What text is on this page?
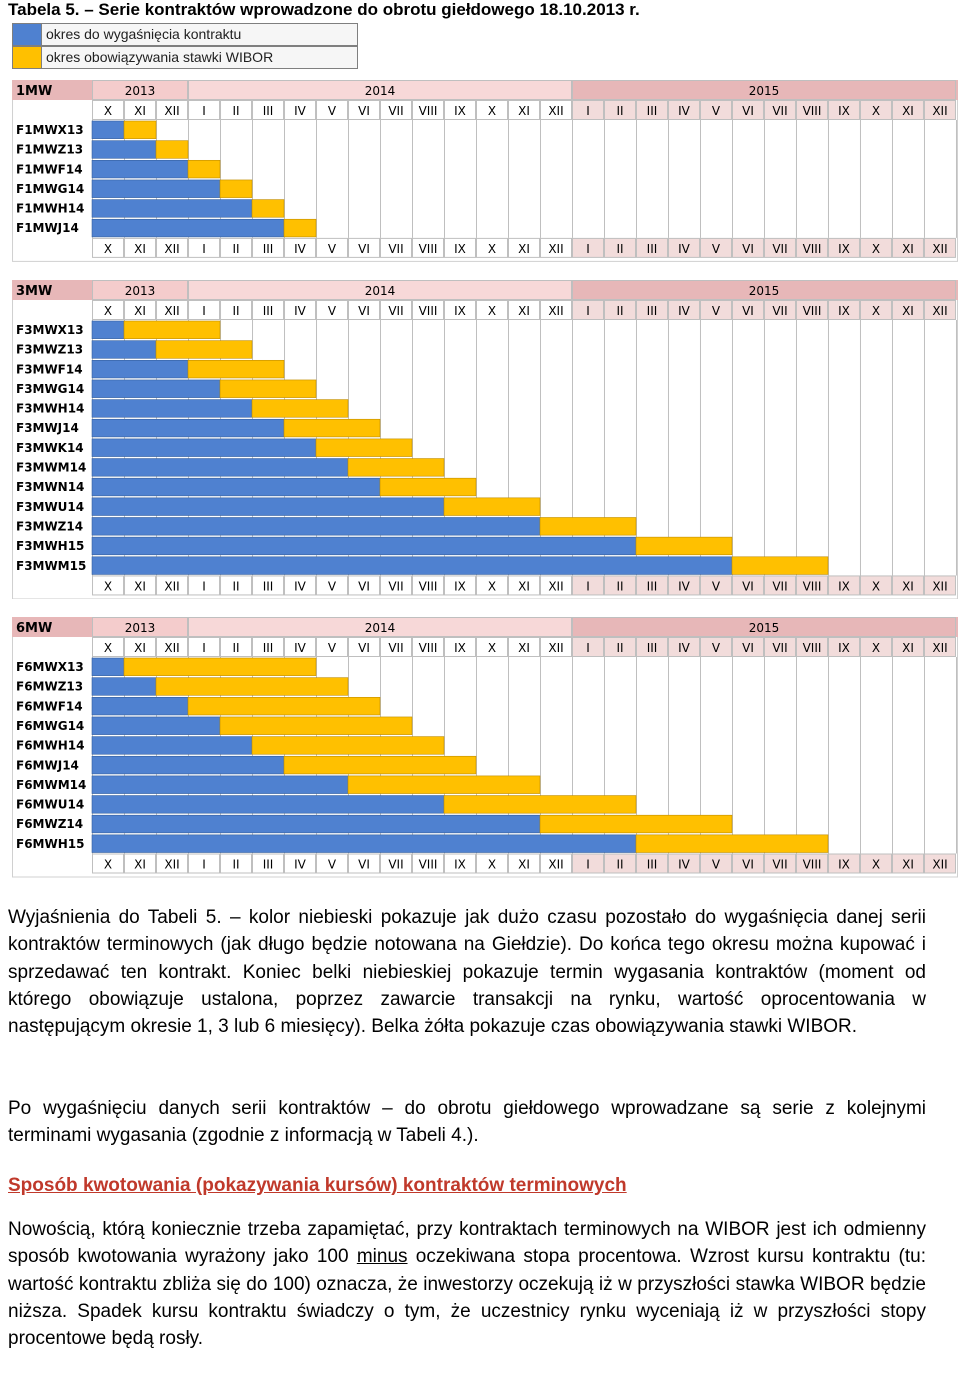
Tabela 5. – Serie kontraktów wprowadzone do obrotu giełdowego 18.10.2013 r.
okres do wygaśnięcia kontraktu
okres obowiązywania stawki WIBOR
1MW	2013	2014	2015
X XI XII I II III IV V VI VII VIII IX X XI XII I II III IV V VI VII VIII IX X XI XII
F1MWX13
F1MWZ13
F1MWF14
F1MWG14
F1MWH14
F1MWJ14
X XI XII I II III IV V VI VII VIII IX X XI XII I II III IV V VI VII VIII IX X XI XII
3MW	2013	2014	2015
X XI XII I II III IV V VI VII VIII IX X XI XII I II III IV V VI VII VIII IX X XI XII
F3MWX13
F3MWZ13
F3MWF14
F3MWG14
F3MWH14
F3MWJ14
F3MWK14
F3MWM14
F3MWN14
F3MWU14
F3MWZ14
F3MWH15
F3MWM15
X XI XII I II III IV V VI VII VIII IX X XI XII I II III IV V VI VII VIII IX X XI XII
6MW	2013	2014	2015
X XI XII I II III IV V VI VII VIII IX X XI XII I II III IV V VI VII VIII IX X XI XII
F6MWX13
F6MWZ13
F6MWF14
F6MWG14
F6MWH14
F6MWJ14
F6MWM14
F6MWU14
F6MWZ14
F6MWH15
X XI XII I II III IV V VI VII VIII IX X XI XII I II III IV V VI VII VIII IX X XI XII
Wyjaśnienia do Tabeli 5. – kolor niebieski pokazuje jak dużo czasu pozostało do wygaśnięcia danej serii kontraktów terminowych (jak długo będzie notowana na Giełdzie). Do końca tego okresu można kupować i sprzedawać ten kontrakt. Koniec belki niebieskiej pokazuje termin wygasania kontraktów (moment od którego obowiązuje ustalona, poprzez zawarcie transakcji na rynku, wartość oprocentowania w następującym okresie 1, 3 lub 6 miesięcy). Belka żółta pokazuje czas obowiązywania stawki WIBOR.
Po wygaśnięciu danych serii kontraktów – do obrotu giełdowego wprowadzane są serie z kolejnymi terminami wygasania (zgodnie z informacją w Tabeli 4.).
Sposób kwotowania (pokazywania kursów) kontraktów terminowych
Nowością, którą koniecznie trzeba zapamiętać, przy kontraktach terminowych na WIBOR jest ich odmienny sposób kwotowania wyrażony jako 100 minus oczekiwana stopa procentowa. Wzrost kursu kontraktu (tu: wartość kontraktu zbliża się do 100) oznacza, że inwestorzy oczekują iż w przyszłości stawka WIBOR będzie niższa. Spadek kursu kontraktu świadczy o tym, że uczestnicy rynku wyceniają iż w przyszłości stopy procentowe będą rosły.
